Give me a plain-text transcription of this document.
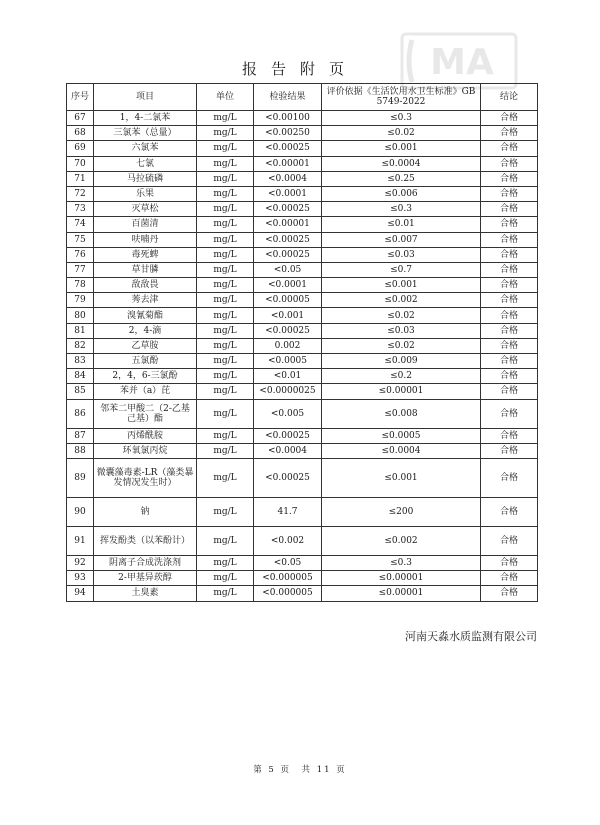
MA
报告附页
序号	项目	单位	检验结果	评价依据《生活饮用水卫生标准》GB 5749-2022	结论
67	1，4-二氯苯	mg/L	<0.00100	≤0.3	合格
68	三氯苯（总量）	mg/L	<0.00250	≤0.02	合格
69	六氯苯	mg/L	<0.00025	≤0.001	合格
70	七氯	mg/L	<0.00001	≤0.0004	合格
71	马拉硫磷	mg/L	<0.0004	≤0.25	合格
72	乐果	mg/L	<0.0001	≤0.006	合格
73	灭草松	mg/L	<0.00025	≤0.3	合格
74	百菌清	mg/L	<0.00001	≤0.01	合格
75	呋喃丹	mg/L	<0.00025	≤0.007	合格
76	毒死蜱	mg/L	<0.00025	≤0.03	合格
77	草甘膦	mg/L	<0.05	≤0.7	合格
78	敌敌畏	mg/L	<0.0001	≤0.001	合格
79	莠去津	mg/L	<0.00005	≤0.002	合格
80	溴氰菊酯	mg/L	<0.001	≤0.02	合格
81	2，4-滴	mg/L	<0.00025	≤0.03	合格
82	乙草胺	mg/L	0.002	≤0.02	合格
83	五氯酚	mg/L	<0.0005	≤0.009	合格
84	2，4，6-三氯酚	mg/L	<0.01	≤0.2	合格
85	苯并（a）芘	mg/L	<0.0000025	≤0.00001	合格
86	邻苯二甲酸二（2-乙基己基）酯	mg/L	<0.005	≤0.008	合格
87	丙烯酰胺	mg/L	<0.00025	≤0.0005	合格
88	环氧氯丙烷	mg/L	<0.0004	≤0.0004	合格
89	微囊藻毒素-LR（藻类暴发情况发生时）	mg/L	<0.00025	≤0.001	合格
90	钠	mg/L	41.7	≤200	合格
91	挥发酚类（以苯酚计）	mg/L	<0.002	≤0.002	合格
92	阴离子合成洗涤剂	mg/L	<0.05	≤0.3	合格
93	2-甲基异莰醇	mg/L	<0.000005	≤0.00001	合格
94	土臭素	mg/L	<0.000005	≤0.00001	合格
河南天淼水质监测有限公司
第 5 页　共 11 页
